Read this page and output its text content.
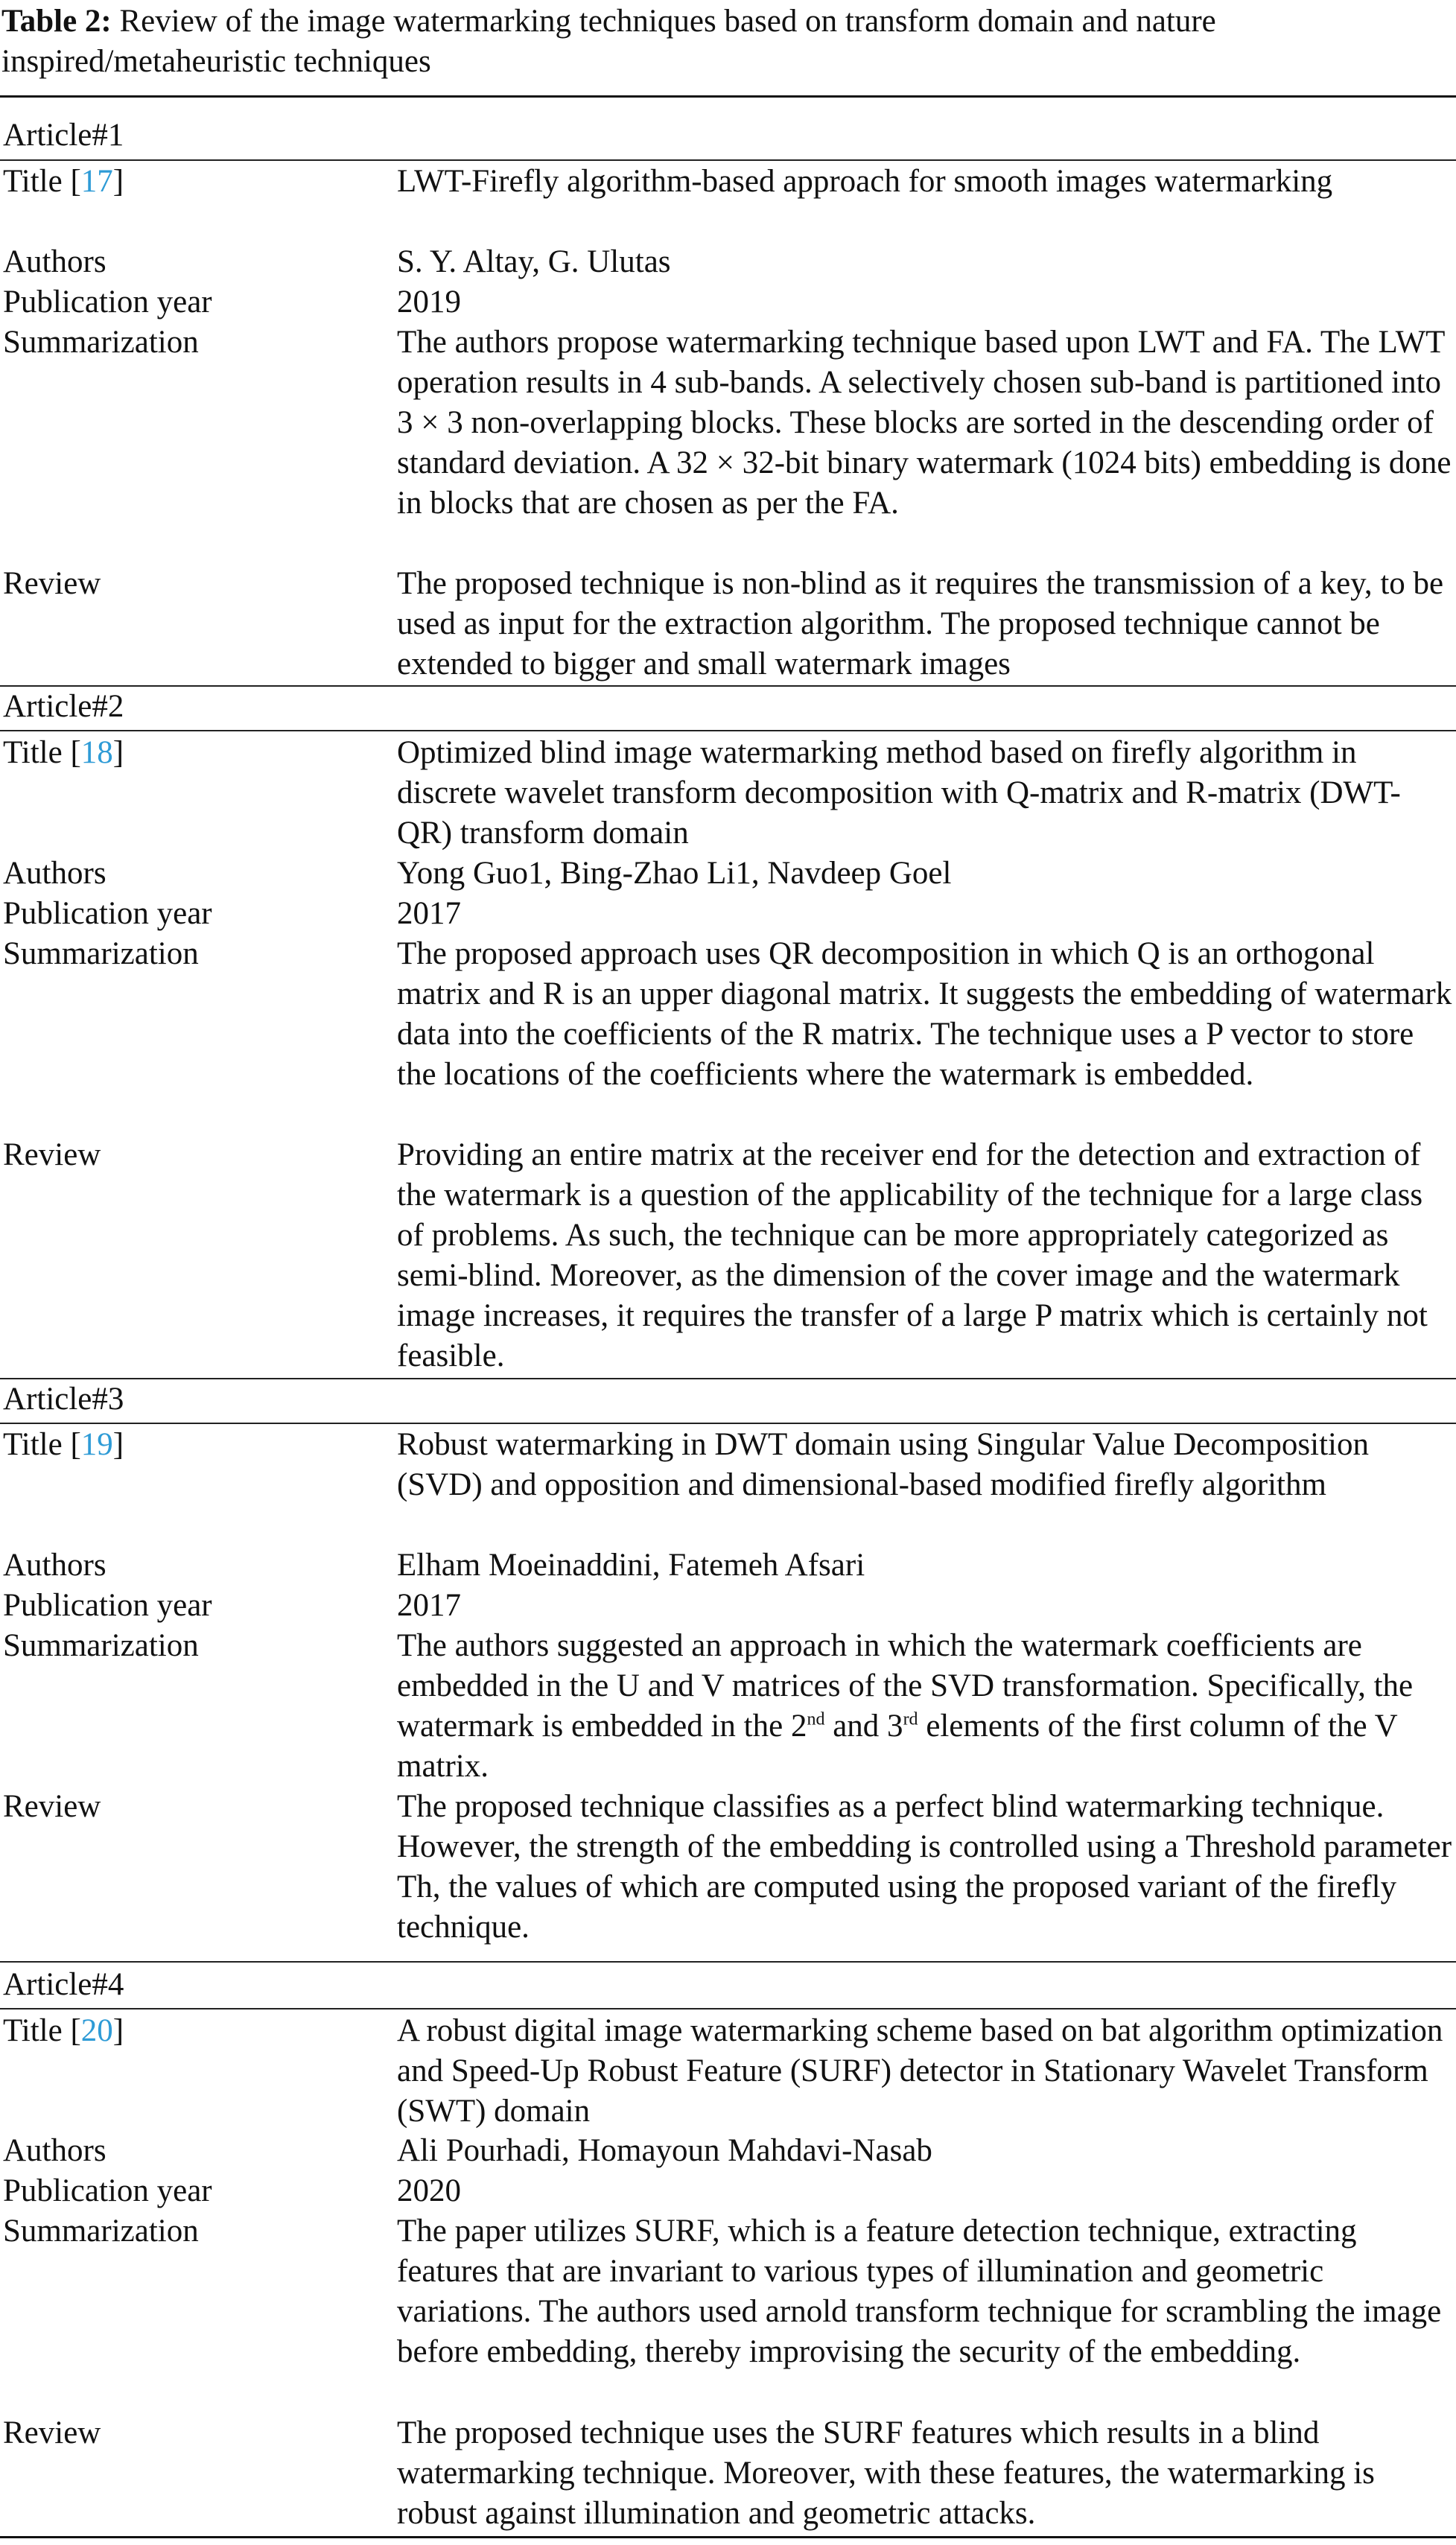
Table 2: Review of the image watermarking techniques based on transform domain and nature inspired/metaheuristic techniques

Article#1
Title [17]	LWT-Firefly algorithm-based approach for smooth images watermarking
Authors	S. Y. Altay, G. Ulutas
Publication year	2019
Summarization	The authors propose watermarking technique based upon LWT and FA. The LWT operation results in 4 sub-bands. A selectively chosen sub-band is partitioned into 3 × 3 non-overlapping blocks. These blocks are sorted in the descending order of standard deviation. A 32 × 32-bit binary watermark (1024 bits) embedding is done in blocks that are chosen as per the FA.
Review	The proposed technique is non-blind as it requires the transmission of a key, to be used as input for the extraction algorithm. The proposed technique cannot be extended to bigger and small watermark images
Article#2
Title [18]	Optimized blind image watermarking method based on firefly algorithm in discrete wavelet transform decomposition with Q-matrix and R-matrix (DWT-QR) transform domain
Authors	Yong Guo1, Bing-Zhao Li1, Navdeep Goel
Publication year	2017
Summarization	The proposed approach uses QR decomposition in which Q is an orthogonal matrix and R is an upper diagonal matrix. It suggests the embedding of watermark data into the coefficients of the R matrix. The technique uses a P vector to store the locations of the coefficients where the watermark is embedded.
Review	Providing an entire matrix at the receiver end for the detection and extraction of the watermark is a question of the applicability of the technique for a large class of problems. As such, the technique can be more appropriately categorized as semi-blind. Moreover, as the dimension of the cover image and the watermark image increases, it requires the transfer of a large P matrix which is certainly not feasible.
Article#3
Title [19]	Robust watermarking in DWT domain using Singular Value Decomposition (SVD) and opposition and dimensional-based modified firefly algorithm
Authors	Elham Moeinaddini, Fatemeh Afsari
Publication year	2017
Summarization	The authors suggested an approach in which the watermark coefficients are embedded in the U and V matrices of the SVD transformation. Specifically, the watermark is embedded in the 2nd and 3rd elements of the first column of the V matrix.
Review	The proposed technique classifies as a perfect blind watermarking technique. However, the strength of the embedding is controlled using a Threshold parameter Th, the values of which are computed using the proposed variant of the firefly technique.
Article#4
Title [20]	A robust digital image watermarking scheme based on bat algorithm optimization and Speed-Up Robust Feature (SURF) detector in Stationary Wavelet Transform (SWT) domain
Authors	Ali Pourhadi, Homayoun Mahdavi-Nasab
Publication year	2020
Summarization	The paper utilizes SURF, which is a feature detection technique, extracting features that are invariant to various types of illumination and geometric variations. The authors used arnold transform technique for scrambling the image before embedding, thereby improvising the security of the embedding.
Review	The proposed technique uses the SURF features which results in a blind watermarking technique. Moreover, with these features, the watermarking is robust against illumination and geometric attacks.
